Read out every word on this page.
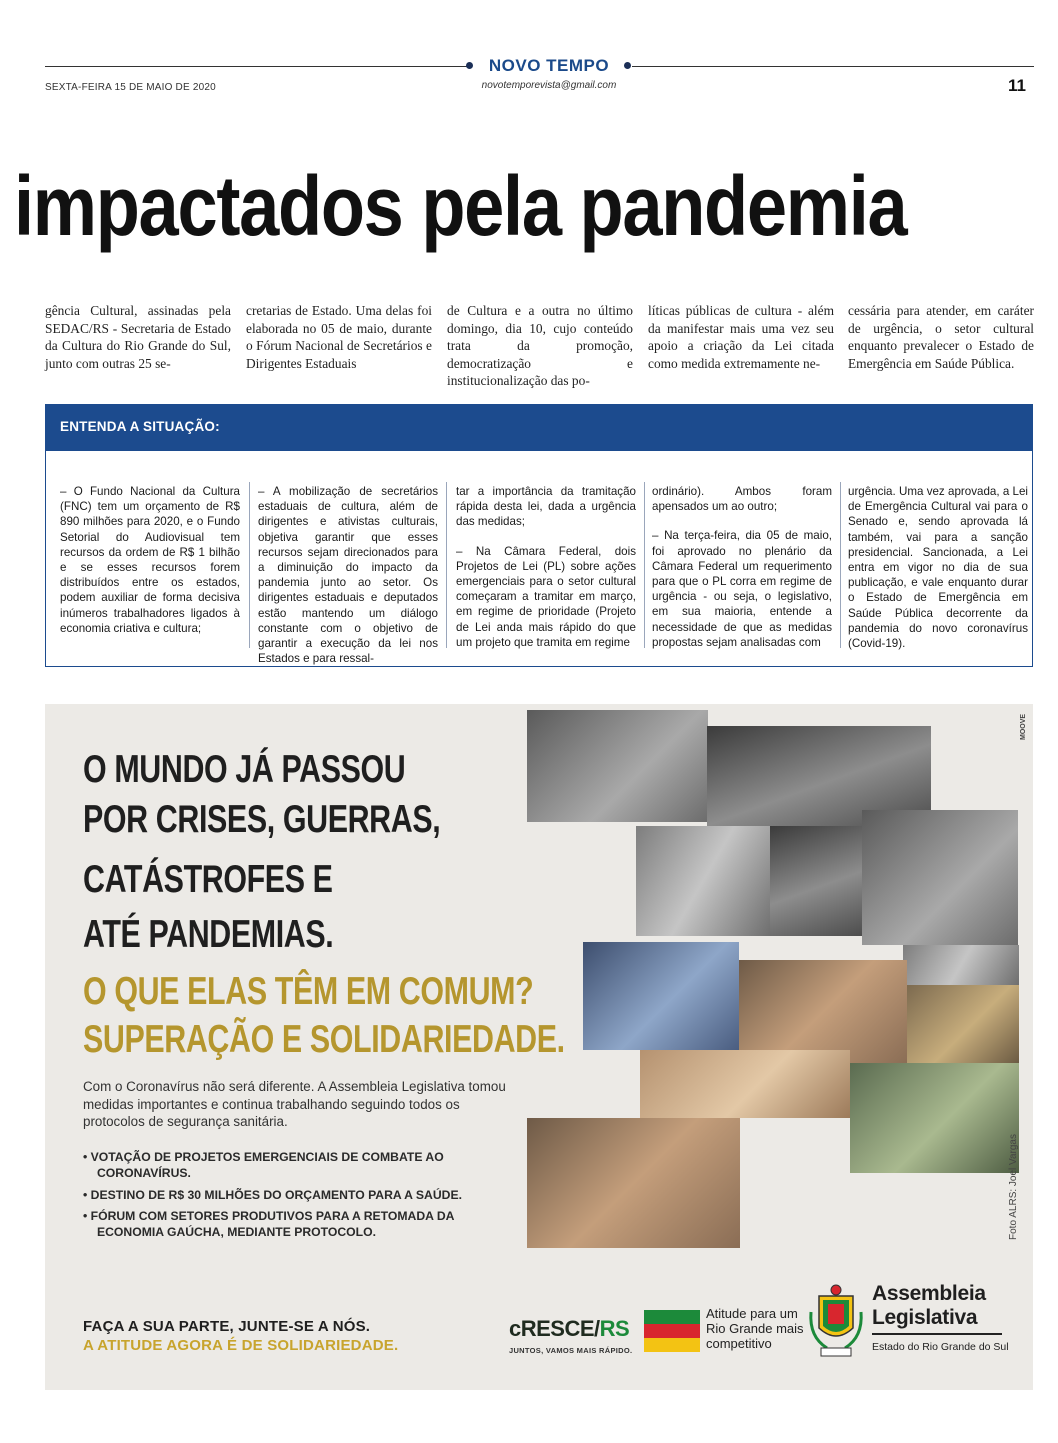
NOVO TEMPO
novotemporevista@gmail.com
SEXTA-FEIRA 15 DE MAIO DE 2020	11
impactados pela pandemia
gência Cultural, assinadas pela SEDAC/RS - Secretaria de Estado da Cultura do Rio Grande do Sul, junto com outras 25 se-
cretarias de Estado. Uma delas foi elaborada no 05 de maio, durante o Fórum Nacional de Secretários e Dirigentes Estaduais
de Cultura e a outra no último domingo, dia 10, cujo conteúdo trata da promoção, democratização e institucionalização das po-
líticas públicas de cultura - além da manifestar mais uma vez seu apoio a criação da Lei citada como medida extremamente ne-
cessária para atender, em caráter de urgência, o setor cultural enquanto prevalecer o Estado de Emergência em Saúde Pública.
ENTENDA A SITUAÇÃO:
– O Fundo Nacional da Cultura (FNC) tem um orçamento de R$ 890 milhões para 2020, e o Fundo Setorial do Audiovisual tem recursos da ordem de R$ 1 bilhão e se esses recursos forem distribuídos entre os estados, podem auxiliar de forma decisiva inúmeros trabalhadores ligados à economia criativa e cultura;
– A mobilização de secretários estaduais de cultura, além de dirigentes e ativistas culturais, objetiva garantir que esses recursos sejam direcionados para a diminuição do impacto da pandemia junto ao setor. Os dirigentes estaduais e deputados estão mantendo um diálogo constante com o objetivo de garantir a execução da lei nos Estados e para ressal-
tar a importância da tramitação rápida desta lei, dada a urgência das medidas;
– Na Câmara Federal, dois Projetos de Lei (PL) sobre ações emergenciais para o setor cultural começaram a tramitar em março, em regime de prioridade (Projeto de Lei anda mais rápido do que um projeto que tramita em regime
ordinário). Ambos foram apensados um ao outro;
– Na terça-feira, dia 05 de maio, foi aprovado no plenário da Câmara Federal um requerimento para que o PL corra em regime de urgência - ou seja, o legislativo, em sua maioria, entende a necessidade de que as medidas propostas sejam analisadas com
urgência. Uma vez aprovada, a Lei de Emergência Cultural vai para o Senado e, sendo aprovada lá também, vai para a sanção presidencial. Sancionada, a Lei entra em vigor no dia de sua publicação, e vale enquanto durar o Estado de Emergência em Saúde Pública decorrente da pandemia do novo coronavírus (Covid-19).
O MUNDO JÁ PASSOU
POR CRISES, GUERRAS,
CATÁSTROFES E
ATÉ PANDEMIAS.
O QUE ELAS TÊM EM COMUM?
SUPERAÇÃO E SOLIDARIEDADE.
Com o Coronavírus não será diferente. A Assembleia Legislativa tomou medidas importantes e continua trabalhando seguindo todos os protocolos de segurança sanitária.
• VOTAÇÃO DE PROJETOS EMERGENCIAIS DE COMBATE AO CORONAVÍRUS.
• DESTINO DE R$ 30 MILHÕES DO ORÇAMENTO PARA A SAÚDE.
• FÓRUM COM SETORES PRODUTIVOS PARA A RETOMADA DA ECONOMIA GAÚCHA, MEDIANTE PROTOCOLO.
FAÇA A SUA PARTE, JUNTE-SE A NÓS.
A ATITUDE AGORA É DE SOLIDARIEDADE.
Foto ALRS: Joel Vargas
MOOVE
cRESCE/RS
JUNTOS, VAMOS MAIS RÁPIDO.
Atitude para um Rio Grande mais competitivo
Assembleia
Legislativa
Estado do Rio Grande do Sul
